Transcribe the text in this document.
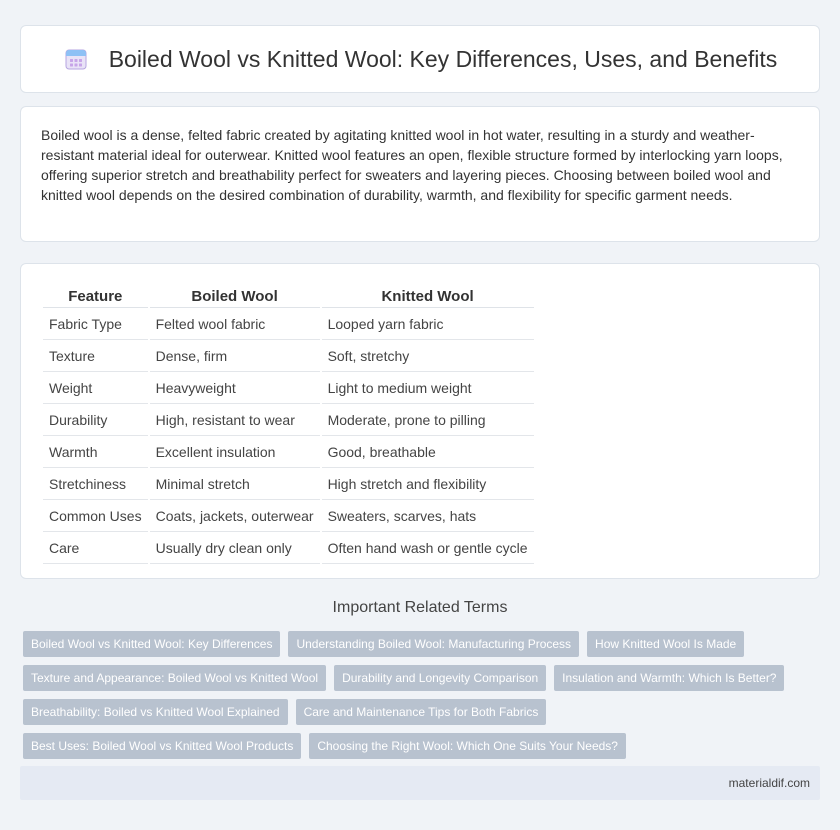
Boiled Wool vs Knitted Wool: Key Differences, Uses, and Benefits

Boiled wool is a dense, felted fabric created by agitating knitted wool in hot water, resulting in a sturdy and weather-resistant material ideal for outerwear. Knitted wool features an open, flexible structure formed by interlocking yarn loops, offering superior stretch and breathability perfect for sweaters and layering pieces. Choosing between boiled wool and knitted wool depends on the desired combination of durability, warmth, and flexibility for specific garment needs.

Feature	Boiled Wool	Knitted Wool
Fabric Type	Felted wool fabric	Looped yarn fabric
Texture	Dense, firm	Soft, stretchy
Weight	Heavyweight	Light to medium weight
Durability	High, resistant to wear	Moderate, prone to pilling
Warmth	Excellent insulation	Good, breathable
Stretchiness	Minimal stretch	High stretch and flexibility
Common Uses	Coats, jackets, outerwear	Sweaters, scarves, hats
Care	Usually dry clean only	Often hand wash or gentle cycle
Important Related Terms
Boiled Wool vs Knitted Wool: Key Differences	Understanding Boiled Wool: Manufacturing Process	How Knitted Wool Is Made
Texture and Appearance: Boiled Wool vs Knitted Wool	Durability and Longevity Comparison	Insulation and Warmth: Which Is Better?
Breathability: Boiled vs Knitted Wool Explained	Care and Maintenance Tips for Both Fabrics
Best Uses: Boiled Wool vs Knitted Wool Products	Choosing the Right Wool: Which One Suits Your Needs?
materialdif.com
